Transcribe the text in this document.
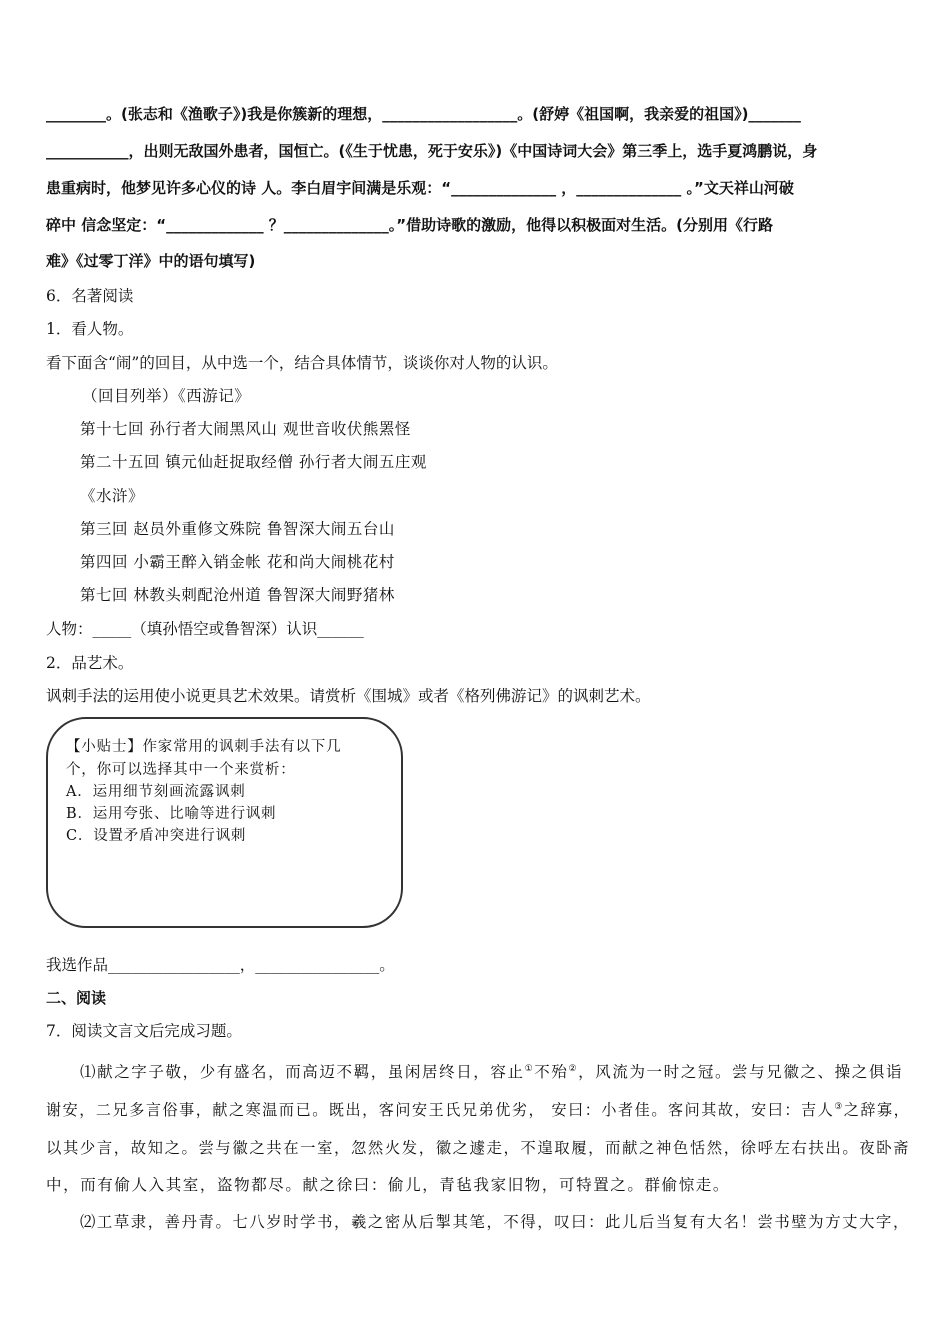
________。(张志和《渔歌子》)我是你簇新的理想，__________________。(舒婷《祖国啊，我亲爱的祖国》)_______
___________，出则无敌国外患者，国恒亡。(《生于忧患，死于安乐》)《中国诗词大会》第三季上，选手夏鸿鹏说，身
患重病时，他梦见许多心仪的诗 人。李白眉宇间满是乐观：“______________ ，______________ 。”文天祥山河破
碎中 信念坚定：“_____________ ？______________。”借助诗歌的激励，他得以积极面对生活。(分别用《行路
难》《过零丁洋》中的语句填写)
6．名著阅读
1．看人物。
看下面含“闹”的回目，从中选一个，结合具体情节，谈谈你对人物的认识。
（回目列举）《西游记》
第十七回 孙行者大闹黑风山 观世音收伏熊罴怪
第二十五回 镇元仙赶捉取经僧 孙行者大闹五庄观
《水浒》
第三回 赵员外重修文殊院 鲁智深大闹五台山
第四回 小霸王醉入销金帐 花和尚大闹桃花村
第七回 林教头刺配沧州道 鲁智深大闹野猪林
人物：_____（填孙悟空或鲁智深）认识______
2．品艺术。
讽刺手法的运用使小说更具艺术效果。请赏析《围城》或者《格列佛游记》的讽刺艺术。
【小贴士】作家常用的讽刺手法有以下几
个，你可以选择其中一个来赏析：
A．运用细节刻画流露讽刺
B．运用夸张、比喻等进行讽刺
C．设置矛盾冲突进行讽刺
我选作品_________________，________________。
二、阅读
7．阅读文言文后完成习题。
⑴献之字子敬，少有盛名，而高迈不羁，虽闲居终日，容止①不殆②，风流为一时之冠。尝与兄徽之、操之俱诣
谢安，二兄多言俗事，献之寒温而已。既出，客问安王氏兄弟优劣， 安曰：小者佳。客问其故，安曰：吉人③之辞寡，
以其少言，故知之。尝与徽之共在一室，忽然火发，徽之遽走，不遑取履，而献之神色恬然，徐呼左右扶出。夜卧斋
中，而有偷人入其室，盗物都尽。献之徐曰：偷儿，青毡我家旧物，可特置之。群偷惊走。
⑵工草隶，善丹青。七八岁时学书，羲之密从后掣其笔，不得，叹曰：此儿后当复有大名！尝书壁为方丈大字，
